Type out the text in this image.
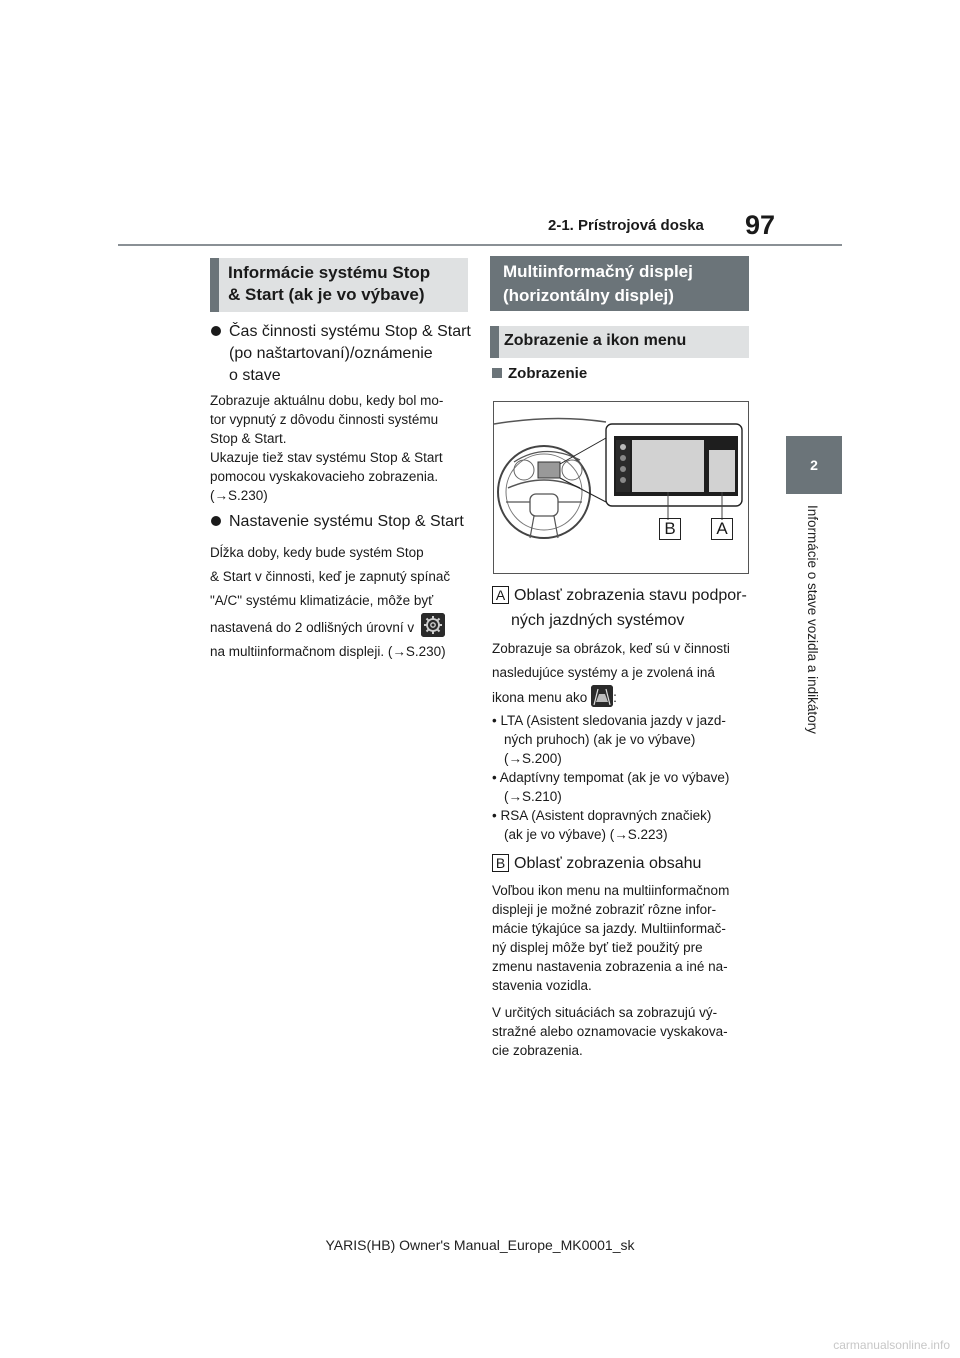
2-1. Prístrojová doska 97
2
Informácie o stave vozidla a indikátory
Informácie systému Stop
& Start (ak je vo výbave)
Čas činnosti systému Stop & Start
(po naštartovaní)/oznámenie
o stave
Zobrazuje aktuálnu dobu, kedy bol mo-
tor vypnutý z dôvodu činnosti systému
Stop & Start.
Ukazuje tiež stav systému Stop & Start
pomocou vyskakovacieho zobrazenia.
(→S.230)
Nastavenie systému Stop & Start
Dĺžka doby, kedy bude systém Stop
& Start v činnosti, keď je zapnutý spínač
"A/C" systému klimatizácie, môže byť
nastavená do 2 odlišných úrovní v
na multiinformačnom displeji. (→S.230)
Multiinformačný displej
(horizontálny displej)
Zobrazenie a ikon menu
Zobrazenie
B	A
A Oblasť zobrazenia stavu podpor-
ných jazdných systémov
Zobrazuje sa obrázok, keď sú v činnosti
nasledujúce systémy a je zvolená iná
ikona menu ako :
• LTA (Asistent sledovania jazdy v jazd-
ných pruhoch) (ak je vo výbave)
(→S.200)
• Adaptívny tempomat (ak je vo výbave)
(→S.210)
• RSA (Asistent dopravných značiek)
(ak je vo výbave) (→S.223)
B Oblasť zobrazenia obsahu
Voľbou ikon menu na multiinformačnom
displeji je možné zobraziť rôzne infor-
mácie týkajúce sa jazdy. Multiinformač-
ný displej môže byť tiež použitý pre
zmenu nastavenia zobrazenia a iné na-
stavenia vozidla.
V určitých situáciách sa zobrazujú vý-
stražné alebo oznamovacie vyskakova-
cie zobrazenia.
YARIS(HB) Owner's Manual_Europe_MK0001_sk
carmanualsonline.info
